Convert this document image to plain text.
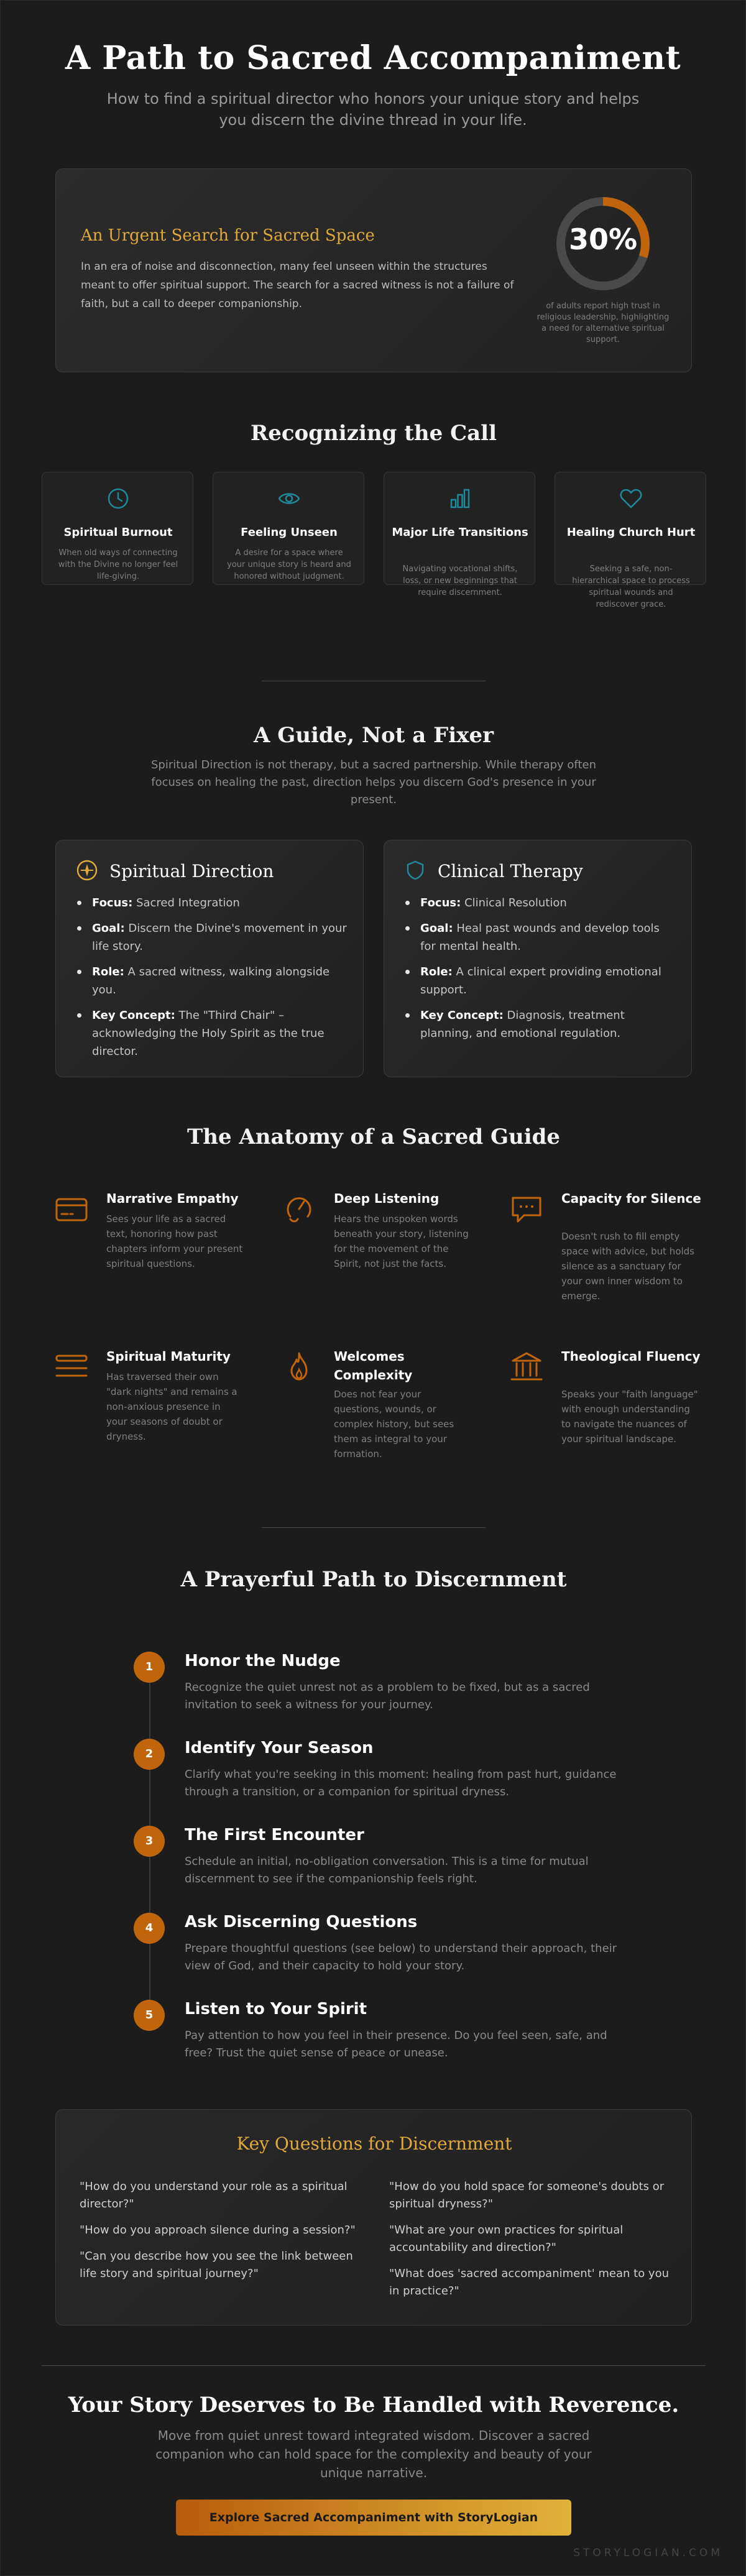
A Path to Sacred Accompaniment

How to find a spiritual director who honors your unique story and helps you discern the divine thread in your life.

An Urgent Search for Sacred Space

In an era of noise and disconnection, many feel unseen within the structures meant to offer spiritual support. The search for a sacred witness is not a failure of faith, but a call to deeper companionship.

30%
of adults report high trust in religious leadership, highlighting a need for alternative spiritual support.
Recognizing the Call
Spiritual Burnout

When old ways of connecting with the Divine no longer feel life-giving.

Feeling Unseen

A desire for a space where your unique story is heard and honored without judgment.

Major Life Transitions

Navigating vocational shifts, loss, or new beginnings that require discernment.

Healing Church Hurt

Seeking a safe, non-hierarchical space to process spiritual wounds and rediscover grace.

A Guide, Not a Fixer

Spiritual Direction is not therapy, but a sacred partnership. While therapy often focuses on healing the past, direction helps you discern God's presence in your present.

Spiritual Direction
Focus: Sacred Integration
Goal: Discern the Divine's movement in your life story.
Role: A sacred witness, walking alongside you.
Key Concept: The "Third Chair" – acknowledging the Holy Spirit as the true director.
Clinical Therapy
Focus: Clinical Resolution
Goal: Heal past wounds and develop tools for mental health.
Role: A clinical expert providing emotional support.
Key Concept: Diagnosis, treatment planning, and emotional regulation.
The Anatomy of a Sacred Guide
Narrative Empathy

Sees your life as a sacred text, honoring how past chapters inform your present spiritual questions.

Deep Listening

Hears the unspoken words beneath your story, listening for the movement of the Spirit, not just the facts.

Capacity for Silence

Doesn't rush to fill empty space with advice, but holds silence as a sanctuary for your own inner wisdom to emerge.

Spiritual Maturity

Has traversed their own "dark nights" and remains a non-anxious presence in your seasons of doubt or dryness.

Welcomes Complexity

Does not fear your questions, wounds, or complex history, but sees them as integral to your formation.

Theological Fluency

Speaks your "faith language" with enough understanding to navigate the nuances of your spiritual landscape.

A Prayerful Path to Discernment
1	Honor the Nudge

Recognize the quiet unrest not as a problem to be fixed, but as a sacred invitation to seek a witness for your journey.

2	Identify Your Season

Clarify what you're seeking in this moment: healing from past hurt, guidance through a transition, or a companion for spiritual dryness.

3	The First Encounter

Schedule an initial, no-obligation conversation. This is a time for mutual discernment to see if the companionship feels right.

4	Ask Discerning Questions

Prepare thoughtful questions (see below) to understand their approach, their view of God, and their capacity to hold your story.

5	Listen to Your Spirit

Pay attention to how you feel in their presence. Do you feel seen, safe, and free? Trust the quiet sense of peace or unease.

Key Questions for Discernment

"How do you understand your role as a spiritual director?"

"How do you approach silence during a session?"

"Can you describe how you see the link between life story and spiritual journey?"

"How do you hold space for someone's doubts or spiritual dryness?"

"What are your own practices for spiritual accountability and direction?"

"What does 'sacred accompaniment' mean to you in practice?"

Your Story Deserves to Be Handled with Reverence.

Move from quiet unrest toward integrated wisdom. Discover a sacred companion who can hold space for the complexity and beauty of your unique narrative.

Explore Sacred Accompaniment with StoryLogian
STORYLOGIAN.COM
